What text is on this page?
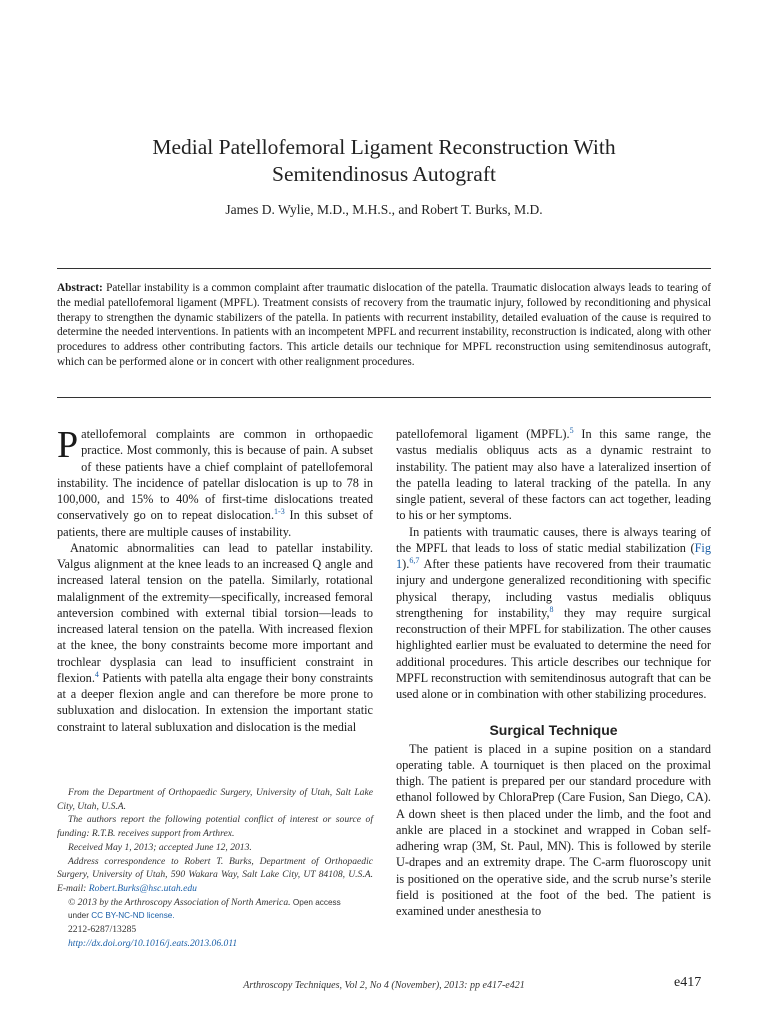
Medial Patellofemoral Ligament Reconstruction With
Semitendinosus Autograft
James D. Wylie, M.D., M.H.S., and Robert T. Burks, M.D.
Abstract: Patellar instability is a common complaint after traumatic dislocation of the patella. Traumatic dislocation always leads to tearing of the medial patellofemoral ligament (MPFL). Treatment consists of recovery from the traumatic injury, followed by reconditioning and physical therapy to strengthen the dynamic stabilizers of the patella. In patients with recurrent instability, detailed evaluation of the cause is required to determine the needed interventions. In patients with an incompetent MPFL and recurrent instability, reconstruction is indicated, along with other procedures to address other contributing factors. This article details our technique for MPFL reconstruction using semitendinosus autograft, which can be performed alone or in concert with other realignment procedures.

Patellofemoral complaints are common in orthopaedic practice. Most commonly, this is because of pain. A subset of these patients have a chief complaint of patellofemoral instability. The incidence of patellar dislocation is up to 78 in 100,000, and 15% to 40% of first-time dislocations treated conservatively go on to repeat dislocation.$^{1-3}$ In this subset of patients, there are multiple causes of instability.

Anatomic abnormalities can lead to patellar instability. Valgus alignment at the knee leads to an increased Q angle and increased lateral tension on the patella. Similarly, rotational malalignment of the extremity—specifically, increased femoral anteversion combined with external tibial torsion—leads to increased lateral tension on the patella. With increased flexion at the knee, the bony constraints become more important and trochlear dysplasia can lead to insufficient constraint in flexion.$^4$ Patients with patella alta engage their bony constraints at a deeper flexion angle and can therefore be more prone to subluxation and dislocation. In extension the important static constraint to lateral subluxation and dislocation is the medial

From the Department of Orthopaedic Surgery, University of Utah, Salt Lake City, Utah, U.S.A.
The authors report the following potential conflict of interest or source of funding: R.T.B. receives support from Arthrex.
Received May 1, 2013; accepted June 12, 2013.
Address correspondence to Robert T. Burks, Department of Orthopaedic Surgery, University of Utah, 590 Wakara Way, Salt Lake City, UT 84108, U.S.A. E-mail: Robert.Burks@hsc.utah.edu
© 2013 by the Arthroscopy Association of North America. Open access
under CC BY-NC-ND license.
2212-6287/13285
http://dx.doi.org/10.1016/j.eats.2013.06.011

patellofemoral ligament (MPFL).$^5$ In this same range, the vastus medialis obliquus acts as a dynamic restraint to instability. The patient may also have a lateralized insertion of the patella leading to lateral tracking of the patella. In any single patient, several of these factors can act together, leading to his or her symptoms.

In patients with traumatic causes, there is always tearing of the MPFL that leads to loss of static medial stabilization (Fig 1).$^{6,7}$ After these patients have recovered from their traumatic injury and undergone generalized reconditioning with specific physical therapy, including vastus medialis obliquus strengthening for instability,$^8$ they may require surgical reconstruction of their MPFL for stabilization. The other causes highlighted earlier must be evaluated to determine the need for additional procedures. This article describes our technique for MPFL reconstruction with semitendinosus autograft that can be used alone or in combination with other stabilizing procedures.

Surgical Technique

The patient is placed in a supine position on a standard operating table. A tourniquet is then placed on the proximal thigh. The patient is prepared per our standard procedure with ethanol followed by ChloraPrep (Care Fusion, San Diego, CA). A down sheet is then placed under the limb, and the foot and ankle are placed in a stockinet and wrapped in Coban self-adhering wrap (3M, St. Paul, MN). This is followed by sterile U-drapes and an extremity drape. The C-arm fluoroscopy unit is positioned on the operative side, and the scrub nurse’s sterile field is positioned at the foot of the bed. The patient is examined under anesthesia to

Arthroscopy Techniques, Vol 2, No 4 (November), 2013: pp e417-e421	e417
